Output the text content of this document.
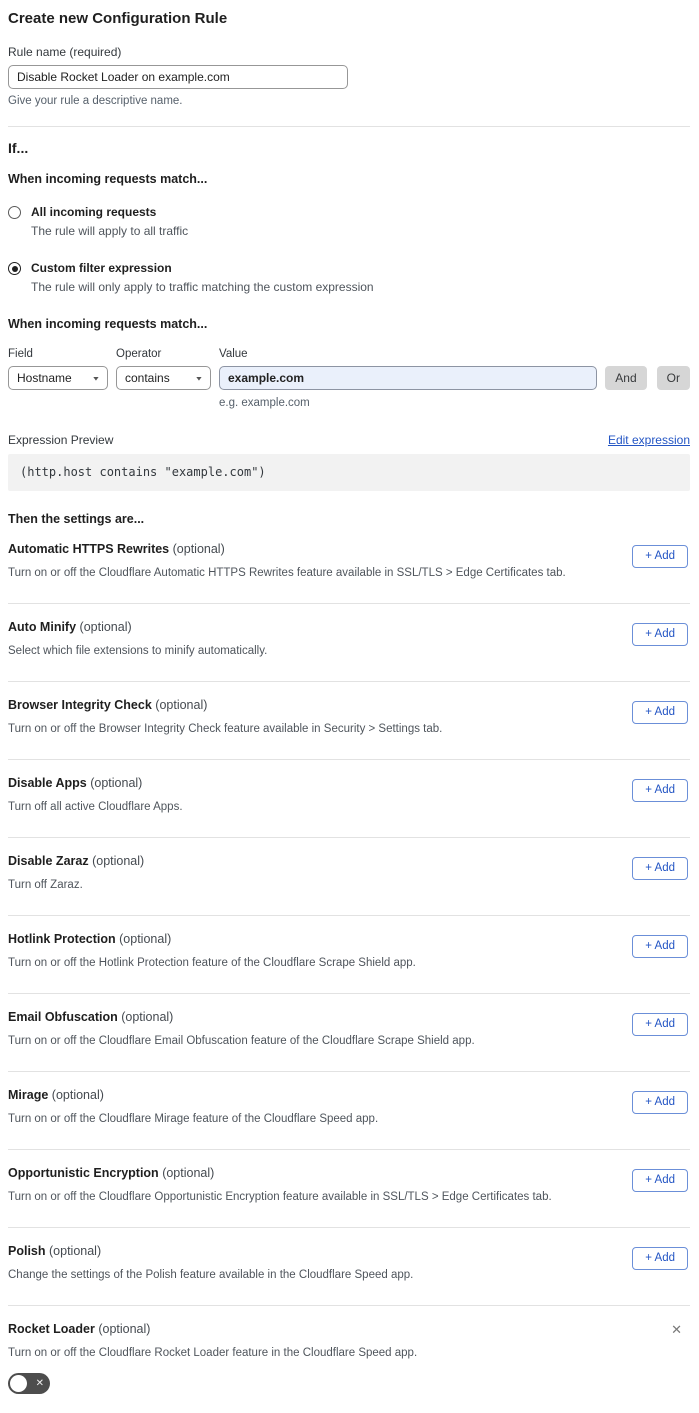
Create new Configuration Rule
Rule name (required)
Disable Rocket Loader on example.com
Give your rule a descriptive name.
If...
When incoming requests match...
All incoming requests
The rule will apply to all traffic
Custom filter expression
The rule will only apply to traffic matching the custom expression
When incoming requests match...
Field
Hostname
▼
Operator
contains
▼
Value
example.com
And	Or
e.g. example.com
Expression Preview	Edit expression
(http.host contains "example.com")
Then the settings are...
Automatic HTTPS Rewrites (optional)
Turn on or off the Cloudflare Automatic HTTPS Rewrites feature available in SSL/TLS > Edge Certificates tab.
+ Add
Auto Minify (optional)
Select which file extensions to minify automatically.
+ Add
Browser Integrity Check (optional)
Turn on or off the Browser Integrity Check feature available in Security > Settings tab.
+ Add
Disable Apps (optional)
Turn off all active Cloudflare Apps.
+ Add
Disable Zaraz (optional)
Turn off Zaraz.
+ Add
Hotlink Protection (optional)
Turn on or off the Hotlink Protection feature of the Cloudflare Scrape Shield app.
+ Add
Email Obfuscation (optional)
Turn on or off the Cloudflare Email Obfuscation feature of the Cloudflare Scrape Shield app.
+ Add
Mirage (optional)
Turn on or off the Cloudflare Mirage feature of the Cloudflare Speed app.
+ Add
Opportunistic Encryption (optional)
Turn on or off the Cloudflare Opportunistic Encryption feature available in SSL/TLS > Edge Certificates tab.
+ Add
Polish (optional)
Change the settings of the Polish feature available in the Cloudflare Speed app.
+ Add
Rocket Loader (optional)	✕
Turn on or off the Cloudflare Rocket Loader feature in the Cloudflare Speed app.
✕
